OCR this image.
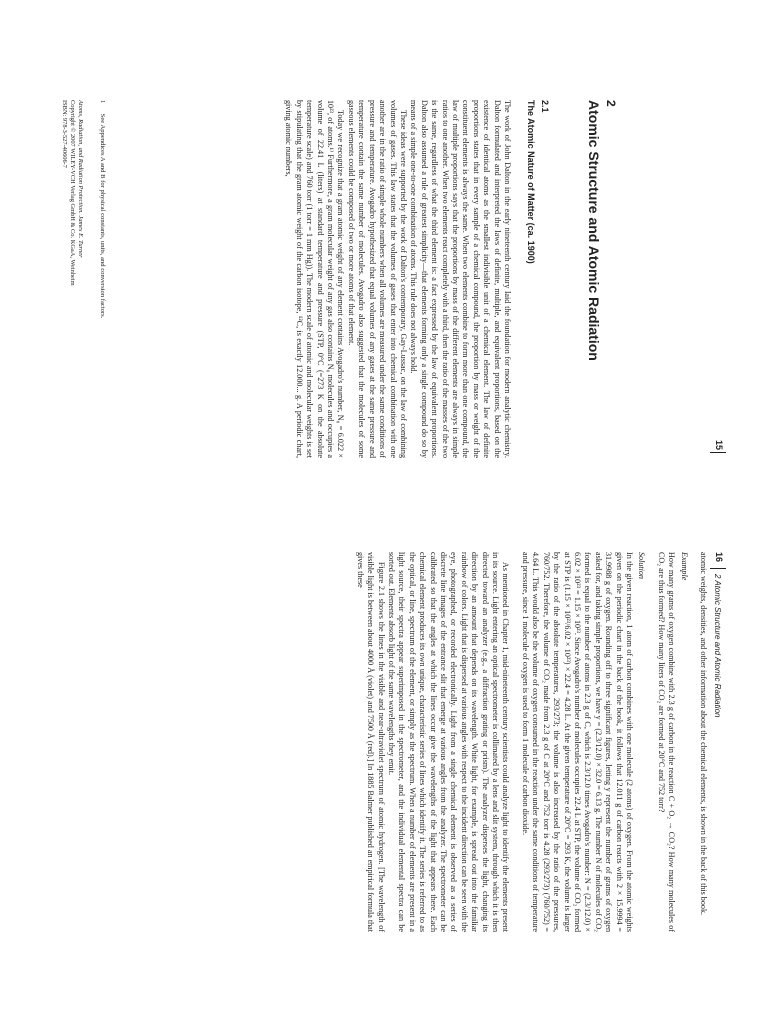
15
2
Atomic Structure and Atomic Radiation
2.1
The Atomic Nature of Matter (ca. 1900)

The work of John Dalton in the early nineteenth century laid the foundation for modern analytic chemistry. Dalton formulated and interpreted the laws of definite, multiple, and equivalent proportions, based on the existence of identical atoms as the smallest indivisible unit of a chemical element. The law of definite proportions states that in every sample of a chemical compound, the proportion by mass or weight of the constituent elements is always the same. When two elements combine to form more than one compound, the law of multiple proportions says that the proportions by mass of the different elements are always in simple ratios to one another. When two elements react completely with a third, then the ratio of the masses of the two is the same, regardless of what the third element is: a fact expressed by the law of equivalent proportions. Dalton also assumed a rule of greatest simplicity—that elements forming only a single compound do so by means of a simple one-to-one combination of atoms. This rule does not always hold.

These ideas were supported by the work of Dalton's contemporary, Gay-Lussac, on the law of combining volumes of gases. This law states that the volumes of gases that enter into chemical combination with one another are in the ratio of simple whole numbers when all volumes are measured under the same conditions of pressure and temperature. Avogadro hypothesized that equal volumes of any gases at the same pressure and temperature contain the same number of molecules. Avogadro also suggested that the molecules of some gaseous elements could be composed of two or more atoms of that element.

Today we recognize that a gram atomic weight of any element contains Avogadro's number, N₀ = 6.022 × 10²³, of atoms.¹⁾ Furthermore, a gram molecular weight of any gas also contains N₀ molecules and occupies a volume of 22.41 L (liters) at standard temperature and pressure (STP, 0°C (=273 K on the absolute temperature scale) and 760 torr (1 torr = 1 mm Hg)). The modern scale of atomic and molecular weights is set by stipulating that the gram atomic weight of the carbon isotope, ¹²C, is exactly 12.000... g. A periodic chart, giving atomic numbers,

1 See Appendices A and B for physical constants, units, and conversion factors.
Atoms, Radiation, and Radiation Protection. James E. Turner
Copyright © 2007 WILEY-VCH Verlag GmbH & Co. KGaA, Weinheim
ISBN: 978-3-527-40606-7
16
2 Atomic Structure and Atomic Radiation

atomic weights, densities, and other information about the chemical elements, is shown in the back of this book.

Example

How many grams of oxygen combine with 2.3 g of carbon in the reaction C + O₂ → CO₂? How many molecules of CO₂ are thus formed? How many liters of CO₂ are formed at 20°C and 752 torr?

Solution

In the given reaction, 1 atom of carbon combines with one molecule (2 atoms) of oxygen. From the atomic weights given on the periodic chart in the back of the book, it follows that 12.011 g of carbon reacts with 2 × 15.9994 = 31.9988 g of oxygen. Rounding off to three significant figures, letting y represent the number of grams of oxygen asked for, and taking simple proportions, we have y = (2.3/12.0) × 32.0 = 6.13 g. The number N of molecules of CO₂ formed is equal to the number of atoms in 2.3 g of C, which is 2.3/12.0 times Avogadro's number: N = (2.3/12.0) × 6.02 × 10²³ = 1.15 × 10²³. Since Avogadro's number of molecules occupies 22.4 L at STP, the volume of CO₂ formed at STP is (1.15 × 10²³/6.02 × 10²³) × 22.4 = 4.28 L. At the given temperature of 20°C = 293 K, the volume is larger by the ratio of the absolute temperatures, 293/273; the volume is also increased by the ratio of the pressures, 760/752. Therefore, the volume of CO₂ made from 2.3 g of C at 20°C and 752 torr is 4.28 (293/273) (760/752) = 4.64 L. This would also be the volume of oxygen consumed in the reaction under the same conditions of temperature and pressure, since 1 molecule of oxygen is used to form 1 molecule of carbon dioxide.

As mentioned in Chapter 1, mid-nineteenth century scientists could analyze light to identify the elements present in its source. Light entering an optical spectrometer is collimated by a lens and slit system, through which it is then directed toward an analyzer (e.g., a diffraction grating or prism). The analyzer disperses the light, changing its direction by an amount that depends on its wavelength. White light, for example, is spread out into the familiar rainbow of colors. Light that is dispersed at various angles with respect to the incident direction can be seen with the eye, photographed, or recorded electronically. Light from a single chemical element is observed as a series of discrete line images of the entrance slit that emerge at various angles from the analyzer. The spectrometer can be calibrated so that the angles at which the lines occur give the wavelengths of the light that appears there. Each chemical element produces its own unique, characteristic series of lines which identify it. The series is referred to as the optical, or line, spectrum of the element, or simply as the spectrum. When a number of elements are present in a light source, their spectra appear superimposed in the spectrometer, and the individual elemental spectra can be sorted out. Elements absorb light of the same wavelengths they emit.

Figure 2.1 shows the lines in the visible and near-ultraviolet spectrum of atomic hydrogen. [The wavelength of visible light is between about 4000 Å (violet) and 7500 Å (red).] In 1885 Balmer published an empirical formula that gives these
